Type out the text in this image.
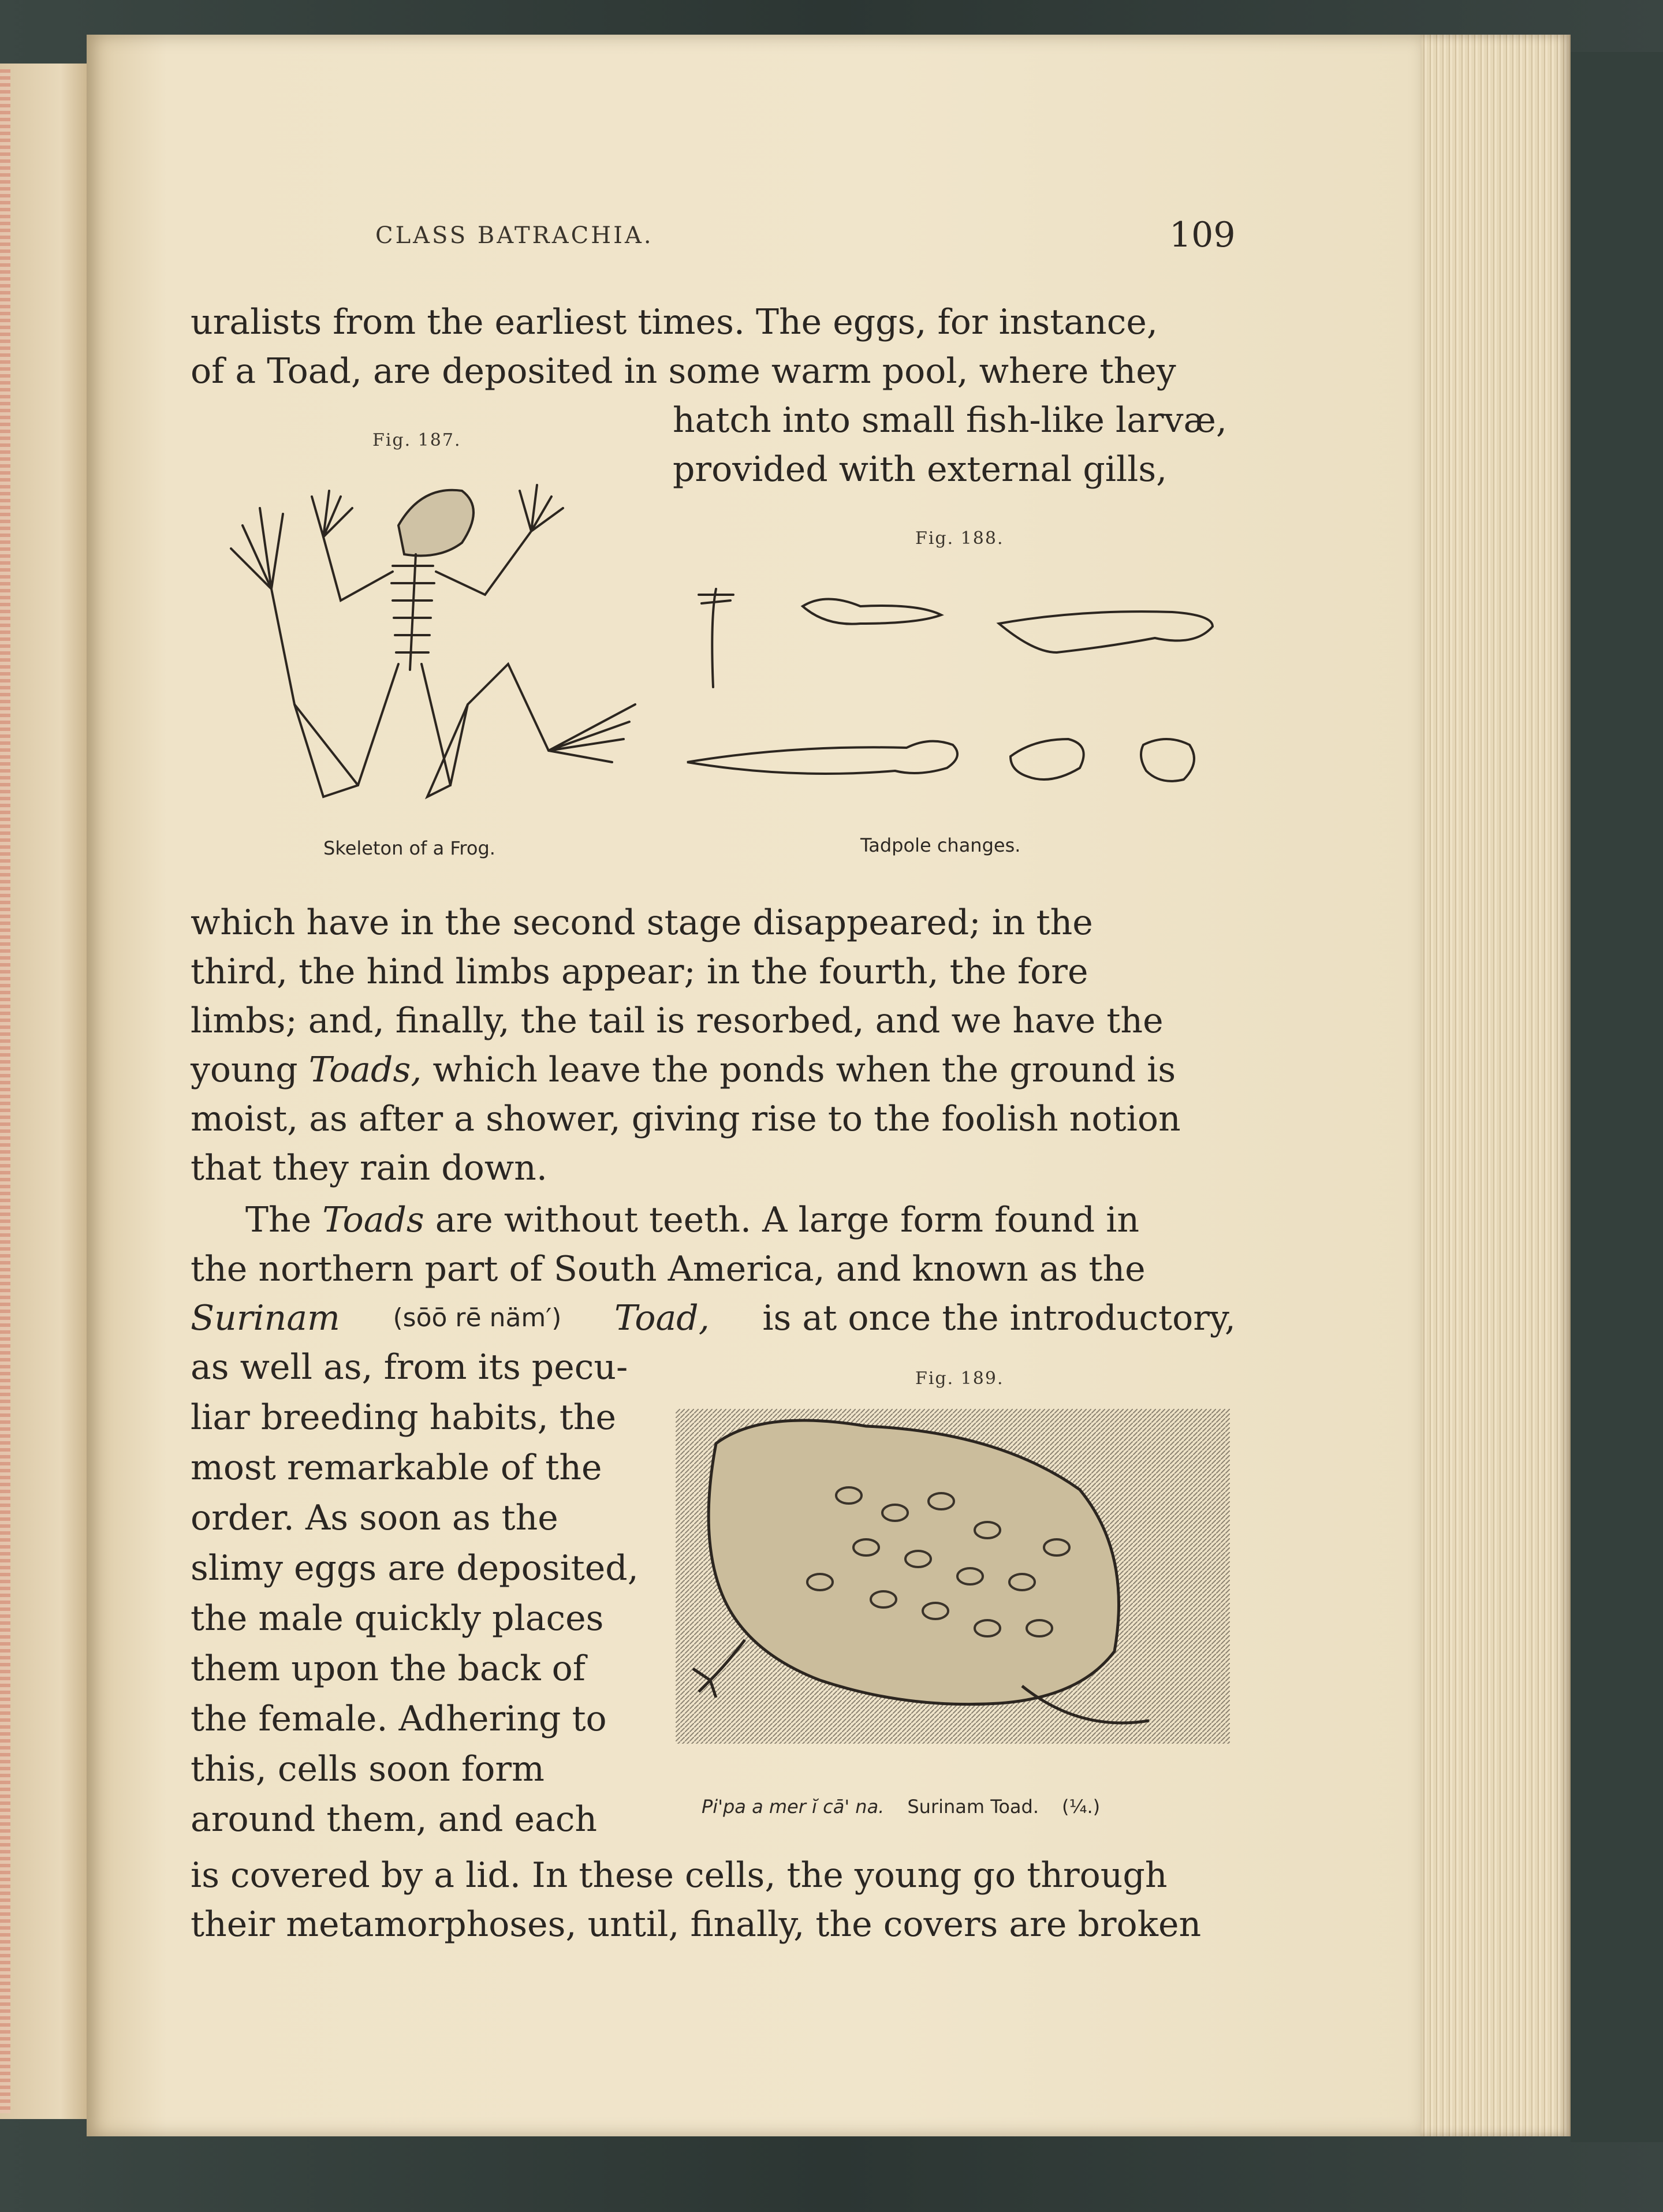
CLASS BATRACHIA.	109
uralists from the earliest times. The eggs, for instance,
of a Toad, are deposited in some warm pool, where they
hatch into small fish-like larvæ,
provided with external gills,
Fig. 187.
Skeleton of a Frog.
Fig. 188.
Tadpole changes.
which have in the second stage disappeared; in the
third, the hind limbs appear; in the fourth, the fore
limbs; and, finally, the tail is resorbed, and we have the
young Toads, which leave the ponds when the ground is
moist, as after a shower, giving rise to the foolish notion
that they rain down.
The Toads are without teeth. A large form found in
the northern part of South America, and known as the
Surinam (sōō rē näm′) Toad, is at once the introductory,
as well as, from its pecu-
liar breeding habits, the
most remarkable of the
order. As soon as the
slimy eggs are deposited,
the male quickly places
them upon the back of
the female. Adhering to
this, cells soon form
around them, and each
Fig. 189.
Pi'pa a mer ĭ cā' na. Surinam Toad. (¼.)
is covered by a lid. In these cells, the young go through
their metamorphoses, until, finally, the covers are broken
